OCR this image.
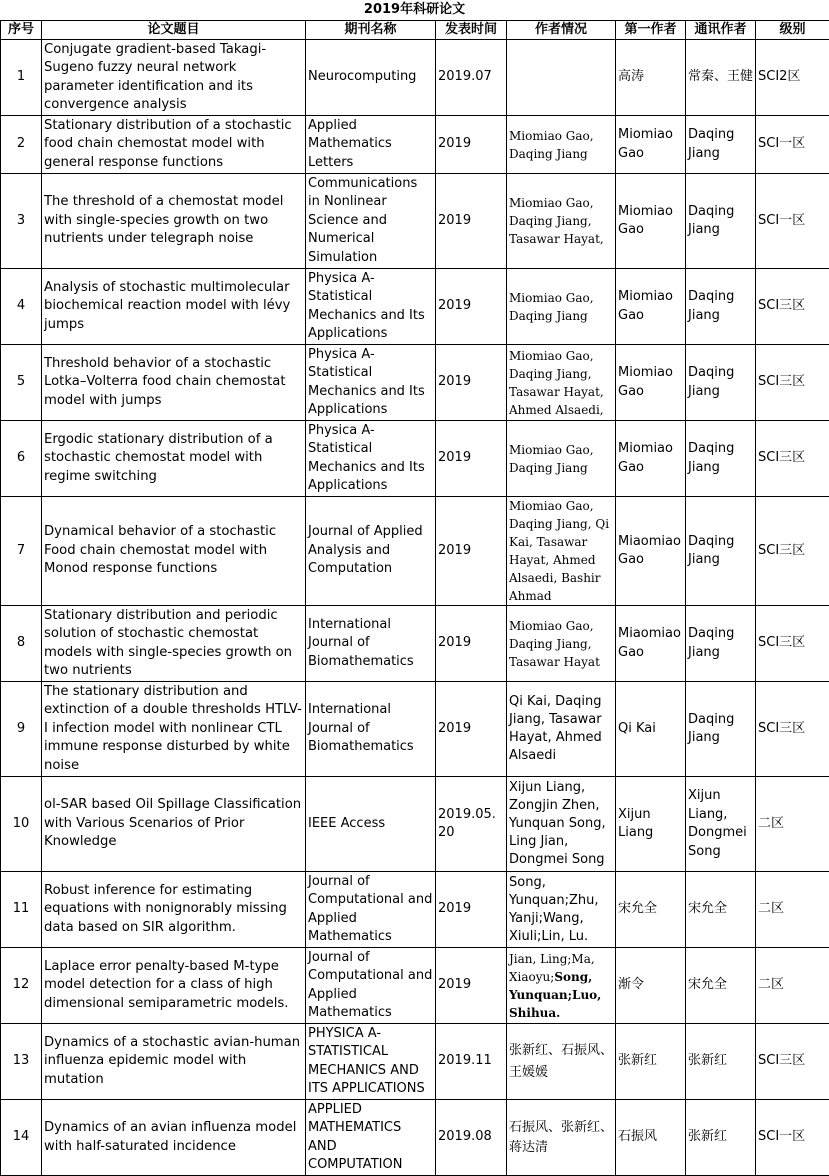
2019年科研论文
序号	论文题目	期刊名称	发表时间	作者情况	第一作者	通讯作者	级别
1	Conjugate gradient-based Takagi-Sugeno fuzzy neural network parameter identification and its convergence analysis	Neurocomputing	2019.07		高涛	常秦、王健	SCI2区
2	Stationary distribution of a stochastic food chain chemostat model with general response functions	Applied Mathematics Letters	2019	Miomiao Gao, Daqing Jiang	Miomiao Gao	Daqing Jiang	SCI一区
3	The threshold of a chemostat model with single-species growth on two nutrients under telegraph noise	Communications in Nonlinear Science and Numerical Simulation	2019	Miomiao Gao, Daqing Jiang, Tasawar Hayat,	Miomiao Gao	Daqing Jiang	SCI一区
4	Analysis of stochastic multimolecular biochemical reaction model with lévy jumps	Physica A-Statistical Mechanics and Its Applications	2019	Miomiao Gao, Daqing Jiang	Miomiao Gao	Daqing Jiang	SCI三区
5	Threshold behavior of a stochastic Lotka–Volterra food chain chemostat model with jumps	Physica A-Statistical Mechanics and Its Applications	2019	Miomiao Gao, Daqing Jiang, Tasawar Hayat, Ahmed Alsaedi,	Miomiao Gao	Daqing Jiang	SCI三区
6	Ergodic stationary distribution of a stochastic chemostat model with regime switching	Physica A-Statistical Mechanics and Its Applications	2019	Miomiao Gao, Daqing Jiang	Miomiao Gao	Daqing Jiang	SCI三区
7	Dynamical behavior of a stochastic Food chain chemostat model with Monod response functions	Journal of Applied Analysis and Computation	2019	Miomiao Gao, Daqing Jiang, Qi Kai, Tasawar Hayat, Ahmed Alsaedi, Bashir Ahmad	Miaomiao Gao	Daqing Jiang	SCI三区
8	Stationary distribution and periodic solution of stochastic chemostat models with single-species growth on two nutrients	International Journal of Biomathematics	2019	Miomiao Gao, Daqing Jiang, Tasawar Hayat	Miaomiao Gao	Daqing Jiang	SCI三区
9	The stationary distribution and extinction of a double thresholds HTLV-I infection model with nonlinear CTL immune response disturbed by white noise	International Journal of Biomathematics	2019	Qi Kai, Daqing Jiang, Tasawar Hayat, Ahmed Alsaedi	Qi Kai	Daqing Jiang	SCI三区
10	ol-SAR based Oil Spillage Classification with Various Scenarios of Prior Knowledge	IEEE Access	2019.05.20	Xijun Liang, Zongjin Zhen, Yunquan Song, Ling Jian, Dongmei Song	Xijun Liang	Xijun Liang, Dongmei Song	二区
11	Robust inference for estimating equations with nonignorably missing data based on SIR algorithm.	Journal of Computational and Applied Mathematics	2019	Song, Yunquan;Zhu, Yanji;Wang, Xiuli;Lin, Lu.	宋允全	宋允全	二区
12	Laplace error penalty-based M-type model detection for a class of high dimensional semiparametric models.	Journal of Computational and Applied Mathematics	2019	Jian, Ling;Ma, Xiaoyu;Song, Yunquan;Luo, Shihua.	渐令	宋允全	二区
13	Dynamics of a stochastic avian-human influenza epidemic model with mutation	PHYSICA A-STATISTICAL MECHANICS AND ITS APPLICATIONS	2019.11	张新红、石振风、王媛媛	张新红	张新红	SCI三区
14	Dynamics of an avian influenza model with half-saturated incidence	APPLIED MATHEMATICS AND COMPUTATION	2019.08	石振风、张新红、蒋达清	石振风	张新红	SCI一区
